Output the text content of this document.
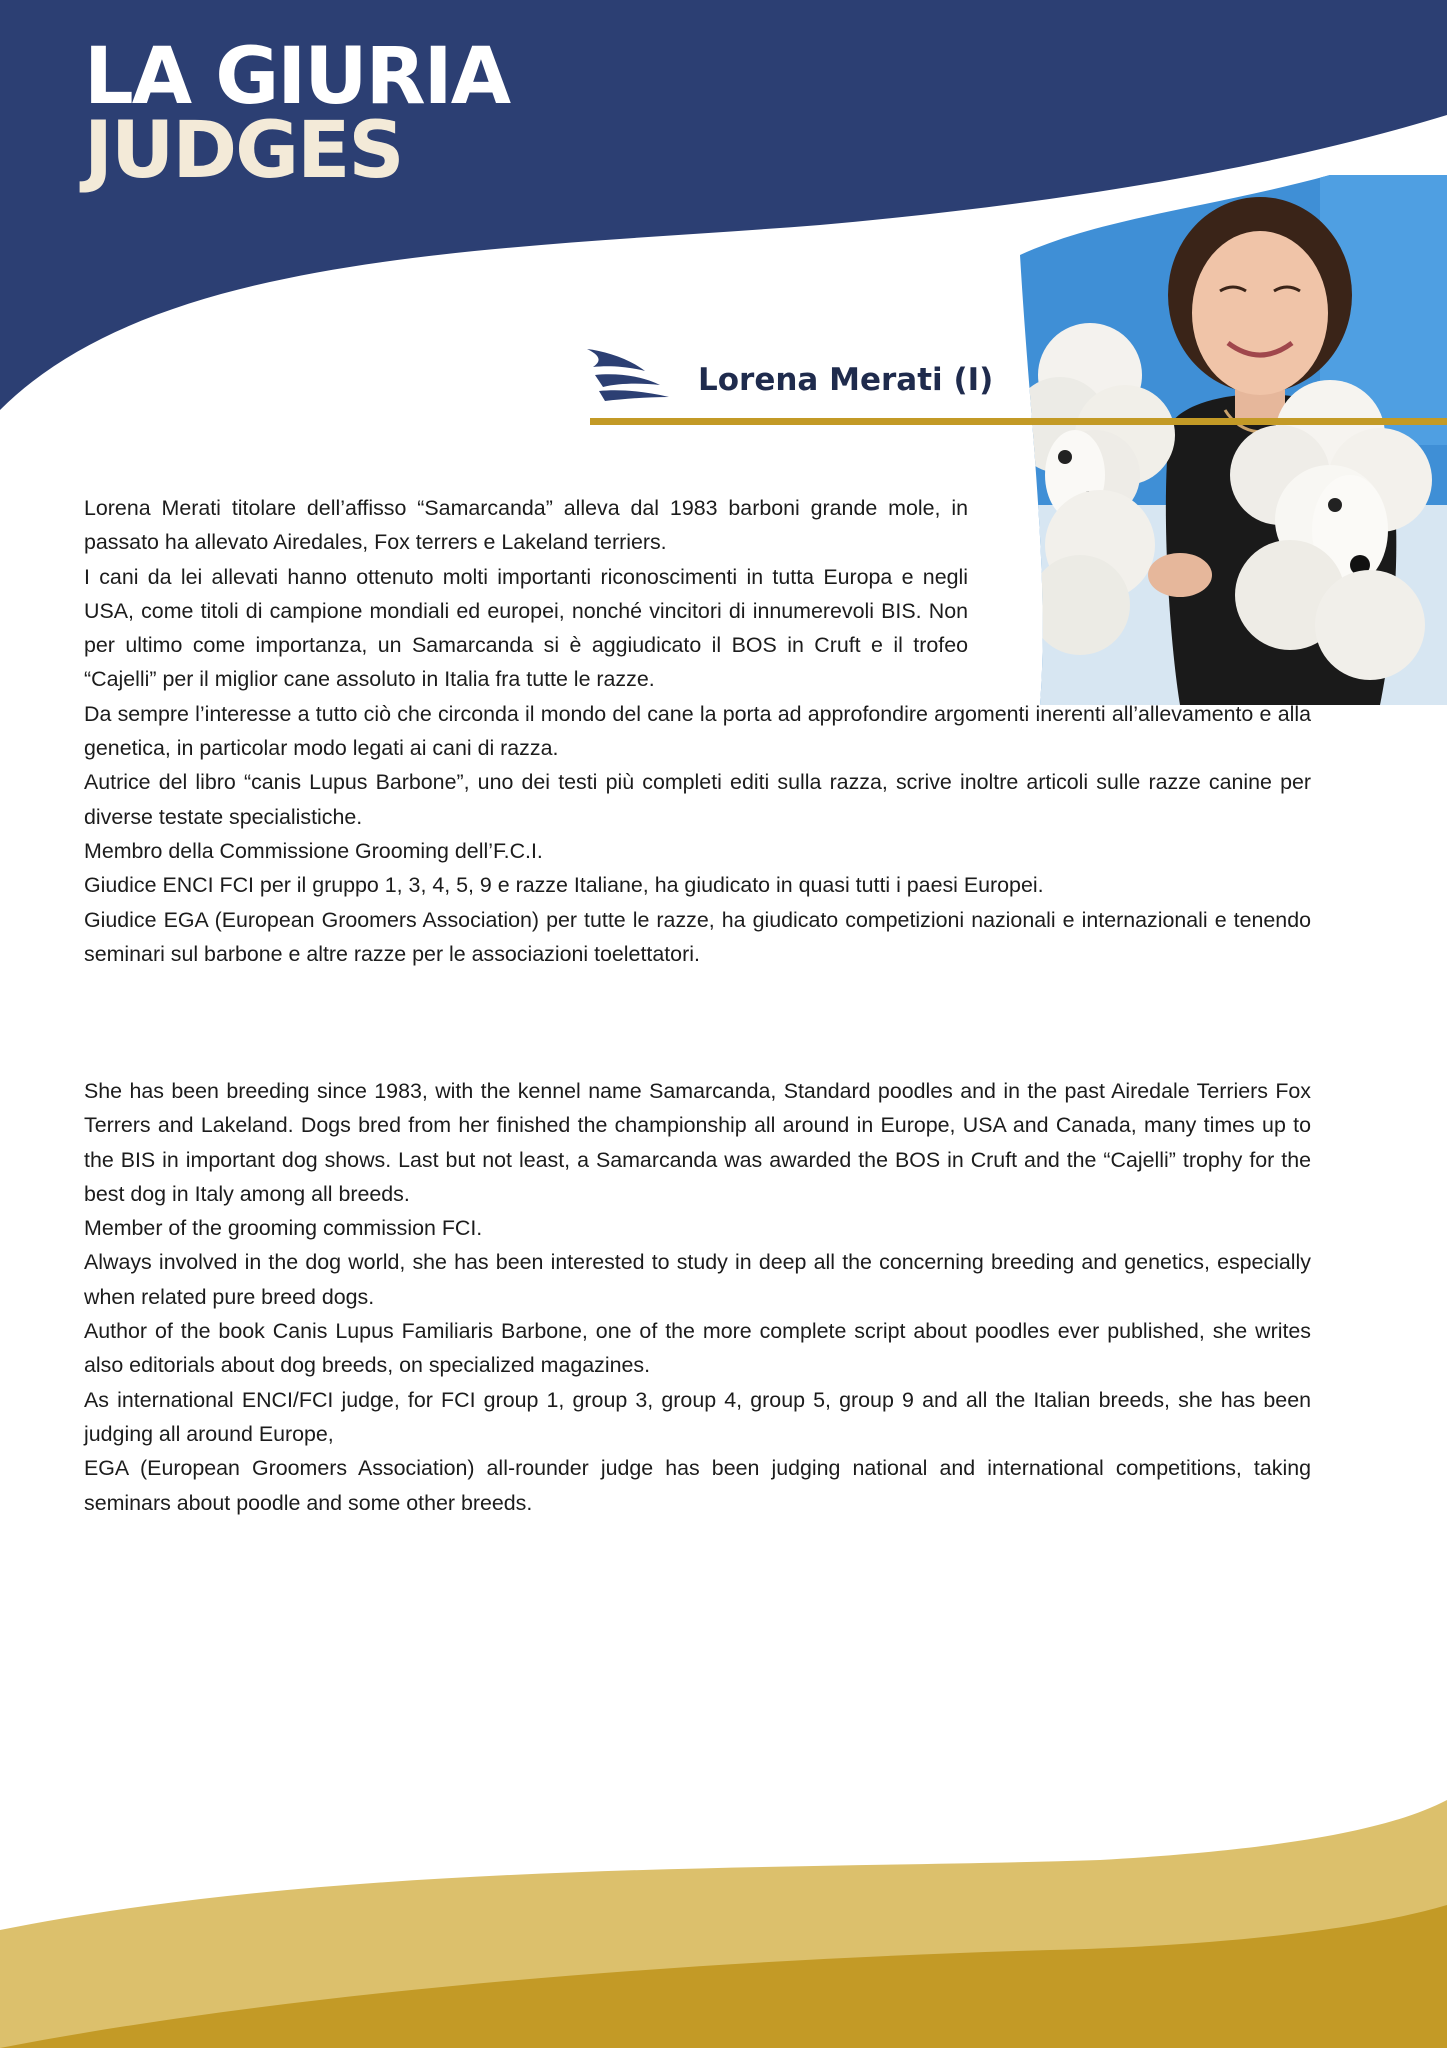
LA GIURIA
JUDGES
Lorena Merati (I)

Lorena Merati titolare dell’affisso “Samarcanda” alleva dal 1983 barboni grande mole, in passato ha allevato Airedales, Fox terrers e Lakeland terriers.

I cani da lei allevati hanno ottenuto molti importanti riconoscimenti in tutta Europa e negli USA, come titoli di campione mondiali ed europei, nonché vincitori di innumerevoli BIS. Non per ultimo come importanza, un Samarcanda si è aggiudicato il BOS in Cruft e il trofeo “Cajelli” per il miglior cane assoluto in Italia fra tutte le razze.

Da sempre l’interesse a tutto ciò che circonda il mondo del cane la porta ad approfondire argomenti inerenti all’allevamento e alla genetica, in particolar modo legati ai cani di razza.

Autrice del libro “canis Lupus Barbone”, uno dei testi più completi editi sulla razza, scrive inoltre articoli sulle razze canine per diverse testate specialistiche.

Membro della Commissione Grooming dell’F.C.I.

Giudice ENCI FCI per il gruppo 1, 3, 4, 5, 9 e razze Italiane, ha giudicato in quasi tutti i paesi Europei.

Giudice EGA (European Groomers Association) per tutte le razze, ha giudicato competizioni nazionali e internazionali e tenendo seminari sul barbone e altre razze per le associazioni toelettatori.

She has been breeding since 1983, with the kennel name Samarcanda, Standard poodles and in the past Airedale Terriers Fox Terrers and Lakeland. Dogs bred from her finished the championship all around in Europe, USA and Canada, many times up to the BIS in important dog shows. Last but not least, a Samarcanda was awarded the BOS in Cruft and the “Cajelli” trophy for the best dog in Italy among all breeds.

Member of the grooming commission FCI.

Always involved in the dog world, she has been interested to study in deep all the concerning breeding and genetics, especially when related pure breed dogs.

Author of the book Canis Lupus Familiaris Barbone, one of the more complete script about poodles ever published, she writes also editorials about dog breeds, on specialized magazines.

As international ENCI/FCI judge, for FCI group 1, group 3, group 4, group 5, group 9 and all the Italian breeds, she has been judging all around Europe,

EGA (European Groomers Association) all-rounder judge has been judging national and international competitions, taking seminars about poodle and some other breeds.
